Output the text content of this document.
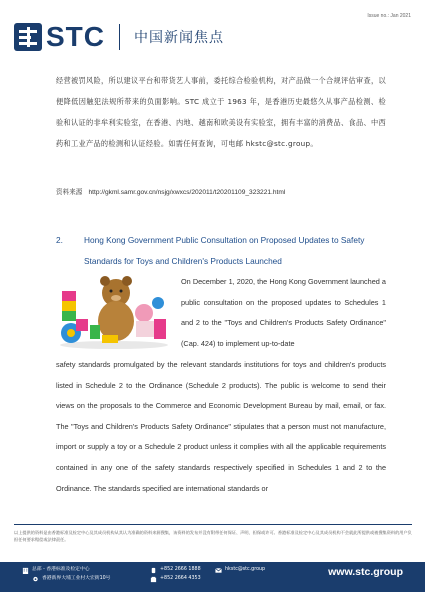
Issue no.: Jan 2021
STC 中国新闻焦点
经营被罚风险，所以建议平台和带货艺人事前，委托综合检验机构，对产品做一个合规评估审查，以便降低因触犯法规所带来的负面影响。STC 成立于 1963 年，是香港历史最悠久从事产品检测、检验和认证的非牟利实验室，在香港、内地、越南和欧美设有实验室，拥有丰富的消费品、食品、中西药和工业产品的检测和认证经验。如需任何查询，可电邮 hkstc@stc.group。
资料来源 http://gkml.samr.gov.cn/nsjg/xwxcs/202011/t20201109_323221.html
2.	Hong Kong Government Public Consultation on Proposed Updates to Safety
Standards for Toys and Children's Products Launched
On December 1, 2020, the Hong Kong Government launched a public consultation on the proposed updates to Schedules 1 and 2 to the "Toys and Children's Products Safety Ordinance" (Cap. 424) to implement up-to-date
safety standards promulgated by the relevant standards institutions for toys and children's products listed in Schedule 2 to the Ordinance (Schedule 2 products). The public is welcome to send their views on the proposals to the Commerce and Economic Development Bureau by mail, email, or fax. The "Toys and Children's Products Safety Ordinance" stipulates that a person must not manufacture, import or supply a toy or a Schedule 2 product unless it complies with all the applicable requirements contained in any one of the safety standards respectively specified in Schedules 1 and 2 to the Ordinance. The standards specified are international standards or
以上提供的资料是由香港标准及检定中心及其成员机构从其认为准确的资料来源搜集，该资料的发布并没有附带任何保证、声明、担保或许可。香港标准及检定中心及其成员机构不会就此所提供或被搜集资料的用户负担任何要求赔偿或法律责任。
总部 - 香港标准及检定中心
香港新界大埔工业村大宏街10号
+852 2666 1888
+852 2664 4353
hkstc@stc.group	www.stc.group
